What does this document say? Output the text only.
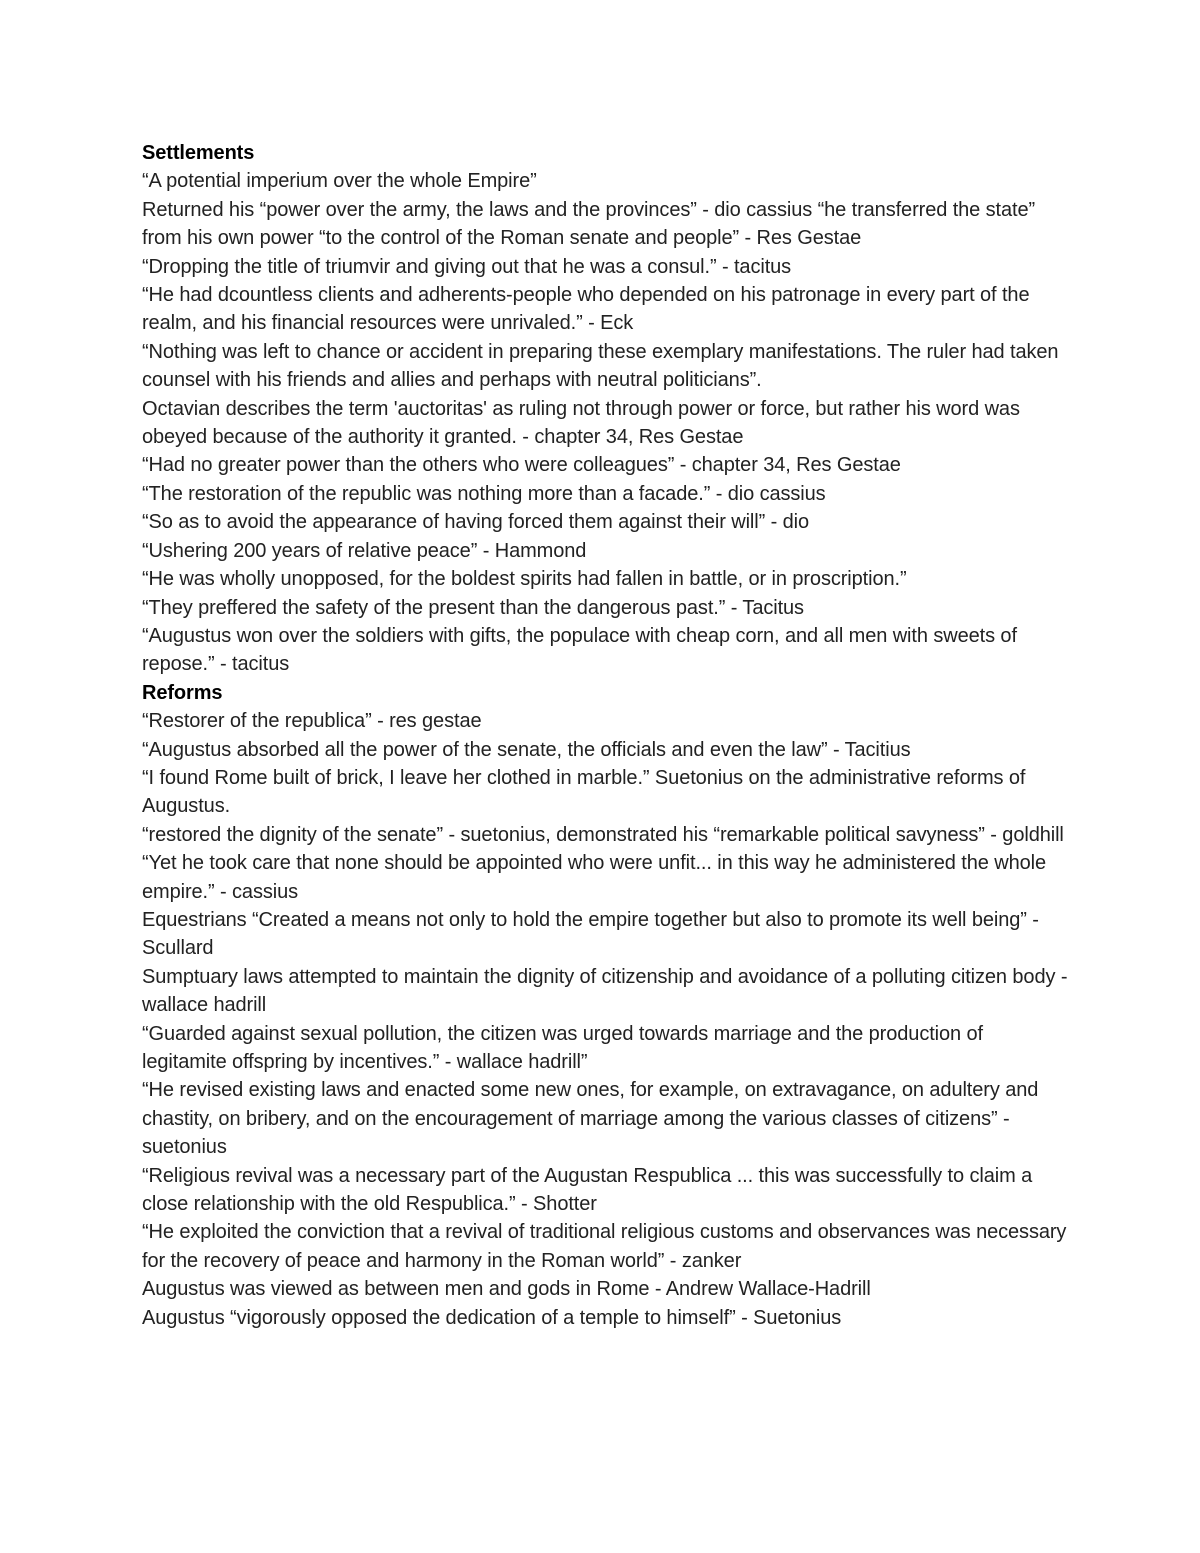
Settlements
“A potential imperium over the whole Empire”
Returned his “power over the army, the laws and the provinces” - dio cassius “he transferred the state” from his own power “to the control of the Roman senate and people” - Res Gestae
“Dropping the title of triumvir and giving out that he was a consul.” - tacitus
“He had dcountless clients and adherents-people who depended on his patronage in every part of the realm, and his financial resources were unrivaled.” - Eck
“Nothing was left to chance or accident in preparing these exemplary manifestations. The ruler had taken counsel with his friends and allies and perhaps with neutral politicians”.
Octavian describes the term 'auctoritas' as ruling not through power or force, but rather his word was obeyed because of the authority it granted. - chapter 34, Res Gestae
“Had no greater power than the others who were colleagues” - chapter 34, Res Gestae
“The restoration of the republic was nothing more than a facade.” - dio cassius
“So as to avoid the appearance of having forced them against their will” - dio
“Ushering 200 years of relative peace” - Hammond
“He was wholly unopposed, for the boldest spirits had fallen in battle, or in proscription.”
“They preffered the safety of the present than the dangerous past.” - Tacitus
“Augustus won over the soldiers with gifts, the populace with cheap corn, and all men with sweets of repose.” - tacitus
Reforms
“Restorer of the republica” - res gestae
“Augustus absorbed all the power of the senate, the officials and even the law” - Tacitius
“I found Rome built of brick, I leave her clothed in marble.” Suetonius on the administrative reforms of Augustus.
“restored the dignity of the senate” - suetonius, demonstrated his “remarkable political savyness” - goldhill
“Yet he took care that none should be appointed who were unfit... in this way he administered the whole empire.” - cassius
Equestrians “Created a means not only to hold the empire together but also to promote its well being” - Scullard
Sumptuary laws attempted to maintain the dignity of citizenship and avoidance of a polluting citizen body - wallace hadrill
“Guarded against sexual pollution, the citizen was urged towards marriage and the production of legitamite offspring by incentives.” - wallace hadrill”
“He revised existing laws and enacted some new ones, for example, on extravagance, on adultery and chastity, on bribery, and on the encouragement of marriage among the various classes of citizens” - suetonius
“Religious revival was a necessary part of the Augustan Respublica ... this was successfully to claim a close relationship with the old Respublica.” - Shotter
“He exploited the conviction that a revival of traditional religious customs and observances was necessary for the recovery of peace and harmony in the Roman world” - zanker
Augustus was viewed as between men and gods in Rome - Andrew Wallace-Hadrill
Augustus “vigorously opposed the dedication of a temple to himself” - Suetonius
